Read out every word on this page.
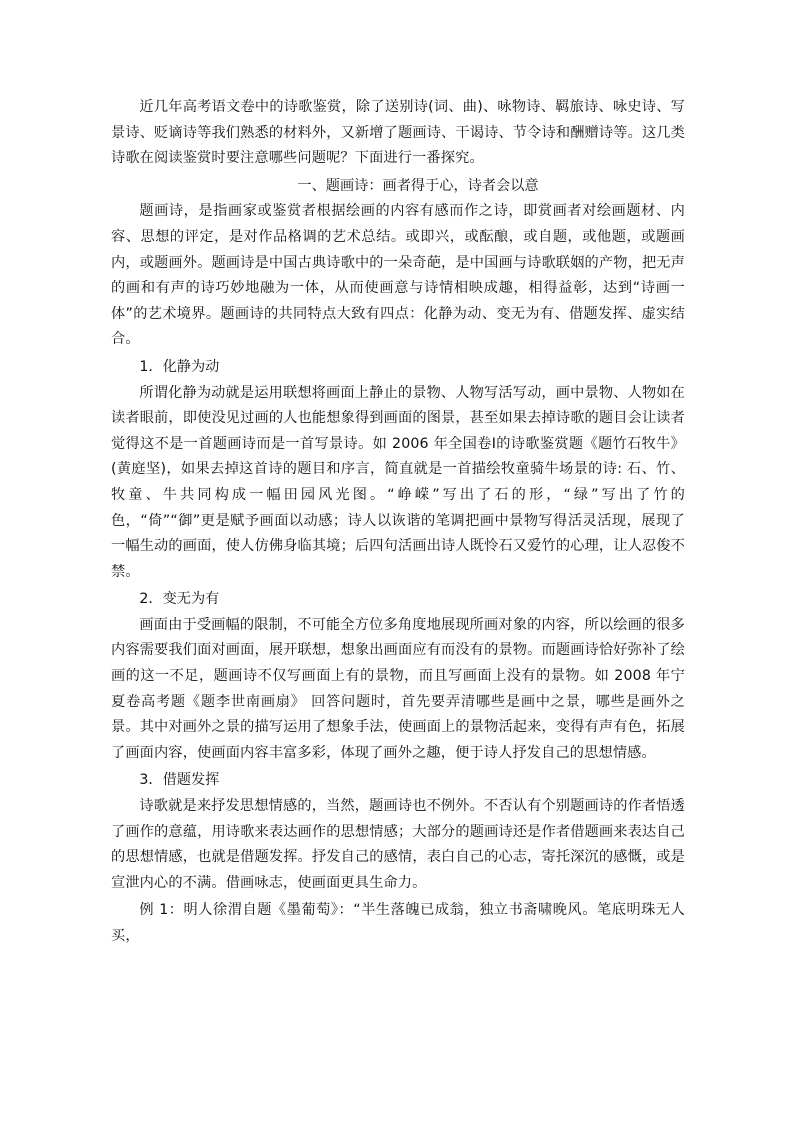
近几年高考语文卷中的诗歌鉴赏，除了送别诗(词、曲)、咏物诗、羁旅诗、咏史诗、写景诗、贬谪诗等我们熟悉的材料外，又新增了题画诗、干谒诗、节令诗和酬赠诗等。这几类诗歌在阅读鉴赏时要注意哪些问题呢？下面进行一番探究。

一、题画诗：画者得于心，诗者会以意

题画诗，是指画家或鉴赏者根据绘画的内容有感而作之诗，即赏画者对绘画题材、内容、思想的评定，是对作品格调的艺术总结。或即兴，或酝酿，或自题，或他题，或题画内，或题画外。题画诗是中国古典诗歌中的一朵奇葩，是中国画与诗歌联姻的产物，把无声的画和有声的诗巧妙地融为一体，从而使画意与诗情相映成趣，相得益彰，达到“诗画一体”的艺术境界。题画诗的共同特点大致有四点：化静为动、变无为有、借题发挥、虚实结合。

1．化静为动

所谓化静为动就是运用联想将画面上静止的景物、人物写活写动，画中景物、人物如在读者眼前，即使没见过画的人也能想象得到画面的图景，甚至如果去掉诗歌的题目会让读者觉得这不是一首题画诗而是一首写景诗。如 2006 年全国卷Ⅰ的诗歌鉴赏题《题竹石牧牛》(黄庭坚)，如果去掉这首诗的题目和序言，简直就是一首描绘牧童骑牛场景的诗: 石、竹、牧童、牛共同构成一幅田园风光图。“峥嵘”写出了石的形，“绿”写出了竹的色，“倚”“御”更是赋予画面以动感；诗人以诙谐的笔调把画中景物写得活灵活现，展现了一幅生动的画面，使人仿佛身临其境；后四句活画出诗人既怜石又爱竹的心理，让人忍俊不禁。

2．变无为有

画面由于受画幅的限制，不可能全方位多角度地展现所画对象的内容，所以绘画的很多内容需要我们面对画面，展开联想，想象出画面应有而没有的景物。而题画诗恰好弥补了绘画的这一不足，题画诗不仅写画面上有的景物，而且写画面上没有的景物。如 2008 年宁夏卷高考题《题李世南画扇》 回答问题时，首先要弄清哪些是画中之景，哪些是画外之景。其中对画外之景的描写运用了想象手法，使画面上的景物活起来，变得有声有色，拓展了画面内容，使画面内容丰富多彩，体现了画外之趣，便于诗人抒发自己的思想情感。

3．借题发挥

诗歌就是来抒发思想情感的，当然，题画诗也不例外。不否认有个别题画诗的作者悟透了画作的意蕴，用诗歌来表达画作的思想情感；大部分的题画诗还是作者借题画来表达自己的思想情感，也就是借题发挥。抒发自己的感情，表白自己的心志，寄托深沉的感慨，或是宣泄内心的不满。借画咏志，使画面更具生命力。

例 1：明人徐渭自题《墨葡萄》：“半生落魄已成翁，独立书斋啸晚风。笔底明珠无人买，
